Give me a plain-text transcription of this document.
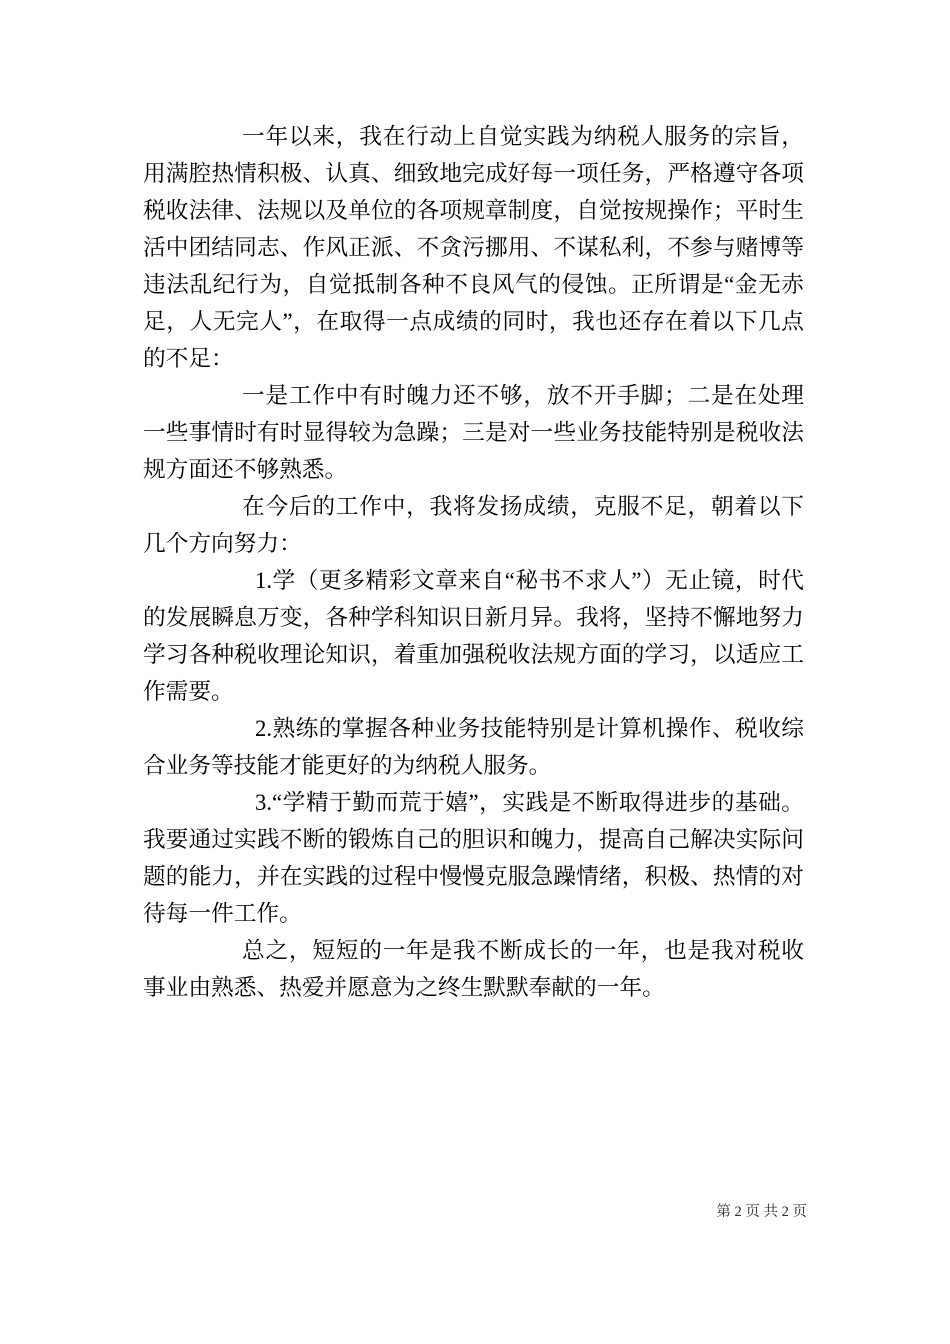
一年以来，我在行动上自觉实践为纳税人服务的宗旨，用满腔热情积极、认真、细致地完成好每一项任务，严格遵守各项税收法律、法规以及单位的各项规章制度，自觉按规操作；平时生活中团结同志、作风正派、不贪污挪用、不谋私利，不参与赌博等违法乱纪行为，自觉抵制各种不良风气的侵蚀。正所谓是“金无赤足，人无完人”，在取得一点成绩的同时，我也还存在着以下几点的不足：

一是工作中有时魄力还不够，放不开手脚；二是在处理一些事情时有时显得较为急躁；三是对一些业务技能特别是税收法规方面还不够熟悉。

在今后的工作中，我将发扬成绩，克服不足，朝着以下几个方向努力：

1.学（更多精彩文章来自“秘书不求人”）无止镜，时代的发展瞬息万变，各种学科知识日新月异。我将，坚持不懈地努力学习各种税收理论知识，着重加强税收法规方面的学习，以适应工作需要。

2.熟练的掌握各种业务技能特别是计算机操作、税收综合业务等技能才能更好的为纳税人服务。

3.“学精于勤而荒于嬉”，实践是不断取得进步的基础。我要通过实践不断的锻炼自己的胆识和魄力，提高自己解决实际问题的能力，并在实践的过程中慢慢克服急躁情绪，积极、热情的对待每一件工作。

总之，短短的一年是我不断成长的一年，也是我对税收事业由熟悉、热爱并愿意为之终生默默奉献的一年。

第 2 页 共 2 页
